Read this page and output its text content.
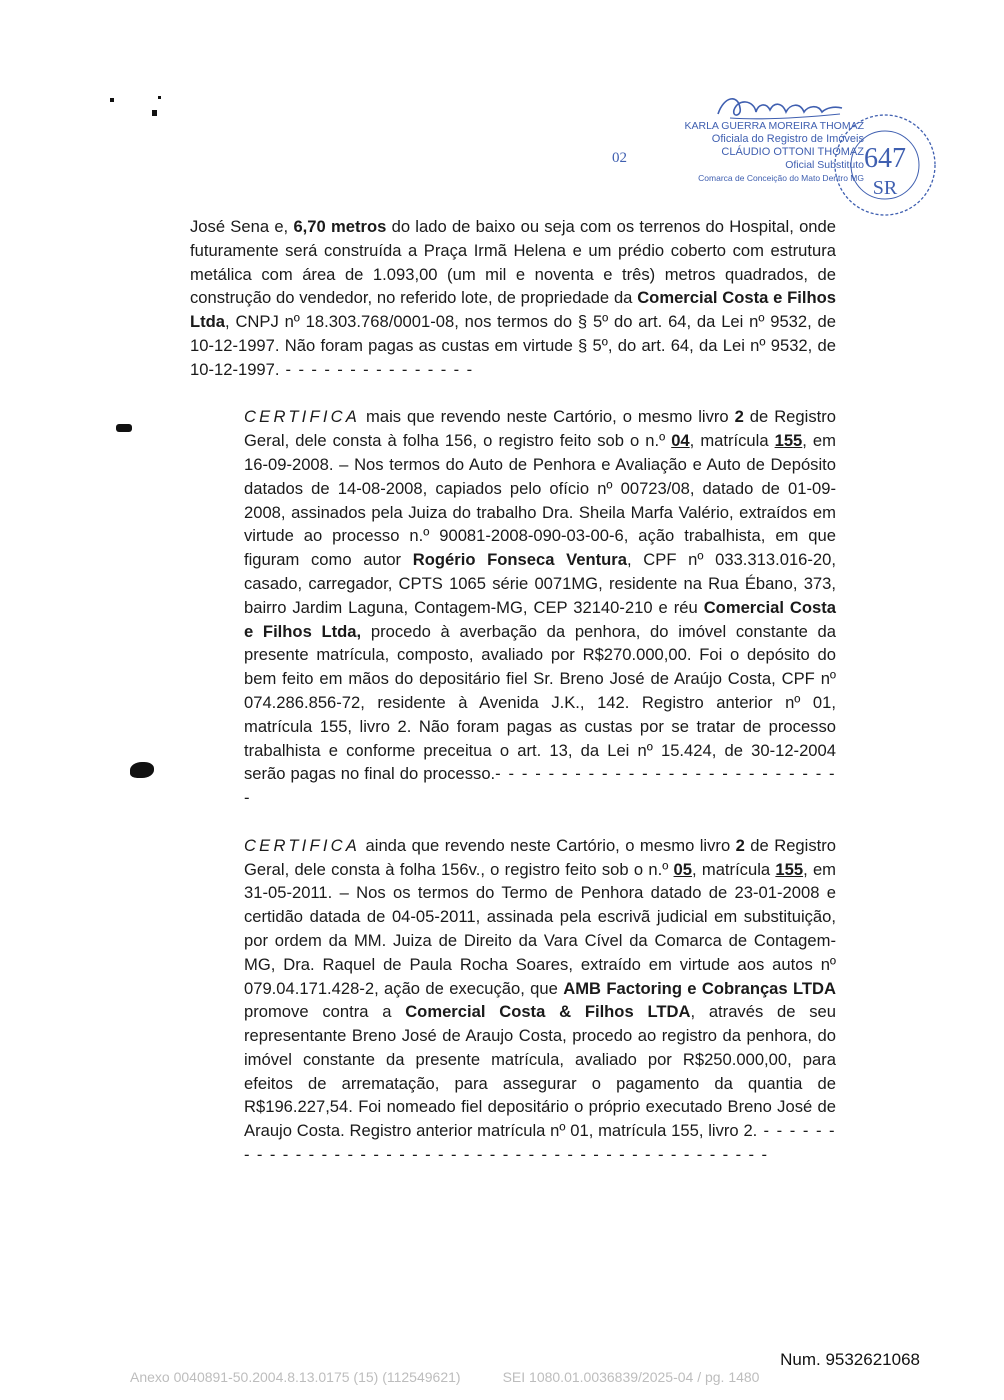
02
KARLA GUERRA MOREIRA THOMAZ
Oficiala do Registro de Imóveis
CLÁUDIO OTTONI THOMAZ
Oficial Substituto
Comarca de Conceição do Mato Dentro MG
647
SR

José Sena e, 6,70 metros do lado de baixo ou seja com os terrenos do Hospital, onde futuramente será construída a Praça Irmã Helena e um prédio coberto com estrutura metálica com área de 1.093,00 (um mil e noventa e três) metros quadrados, de construção do vendedor, no referido lote, de propriedade da Comercial Costa e Filhos Ltda, CNPJ nº 18.303.768/0001-08, nos termos do § 5º do art. 64, da Lei nº 9532, de 10-12-1997. Não foram pagas as custas em virtude § 5º, do art. 64, da Lei nº 9532, de 10-12-1997. - - - - - - - - - - - - - - -

CERTIFICA mais que revendo neste Cartório, o mesmo livro 2 de Registro Geral, dele consta à folha 156, o registro feito sob o n.º 04, matrícula 155, em 16-09-2008. – Nos termos do Auto de Penhora e Avaliação e Auto de Depósito datados de 14-08-2008, capiados pelo ofício nº 00723/08, datado de 01-09-2008, assinados pela Juiza do trabalho Dra. Sheila Marfa Valério, extraídos em virtude ao processo n.º 90081-2008-090-03-00-6, ação trabalhista, em que figuram como autor Rogério Fonseca Ventura, CPF nº 033.313.016-20, casado, carregador, CPTS 1065 série 0071MG, residente na Rua Ébano, 373, bairro Jardim Laguna, Contagem-MG, CEP 32140-210 e réu Comercial Costa e Filhos Ltda, procedo à averbação da penhora, do imóvel constante da presente matrícula, composto, avaliado por R$270.000,00. Foi o depósito do bem feito em mãos do depositário fiel Sr. Breno José de Araújo Costa, CPF nº 074.286.856-72, residente à Avenida J.K., 142. Registro anterior nº 01, matrícula 155, livro 2. Não foram pagas as custas por se tratar de processo trabalhista e conforme preceitua o art. 13, da Lei nº 15.424, de 30-12-2004 serão pagas no final do processo.- - - - - - - - - - - - - - - - - - - - - - - - - - -

CERTIFICA ainda que revendo neste Cartório, o mesmo livro 2 de Registro Geral, dele consta à folha 156v., o registro feito sob o n.º 05, matrícula 155, em 31-05-2011. – Nos os termos do Termo de Penhora datado de 23-01-2008 e certidão datada de 04-05-2011, assinada pela escrivã judicial em substituição, por ordem da MM. Juiza de Direito da Vara Cível da Comarca de Contagem-MG, Dra. Raquel de Paula Rocha Soares, extraído em virtude aos autos nº 079.04.171.428-2, ação de execução, que AMB Factoring e Cobranças LTDA promove contra a Comercial Costa & Filhos LTDA, através de seu representante Breno José de Araujo Costa, procedo ao registro da penhora, do imóvel constante da presente matrícula, avaliado por R$250.000,00, para efeitos de arrematação, para assegurar o pagamento da quantia de R$196.227,54. Foi nomeado fiel depositário o próprio executado Breno José de Araujo Costa. Registro anterior matrícula nº 01, matrícula 155, livro 2. - - - - - - - - - - - - - - - - - - - - - - - - - - - - - - - - - - - - - - - - - - - - - - -

Num. 9532621068
Anexo 0040891-50.2004.8.13.0175 (15) (112549621)	SEI 1080.01.0036839/2025-04 / pg. 1480
